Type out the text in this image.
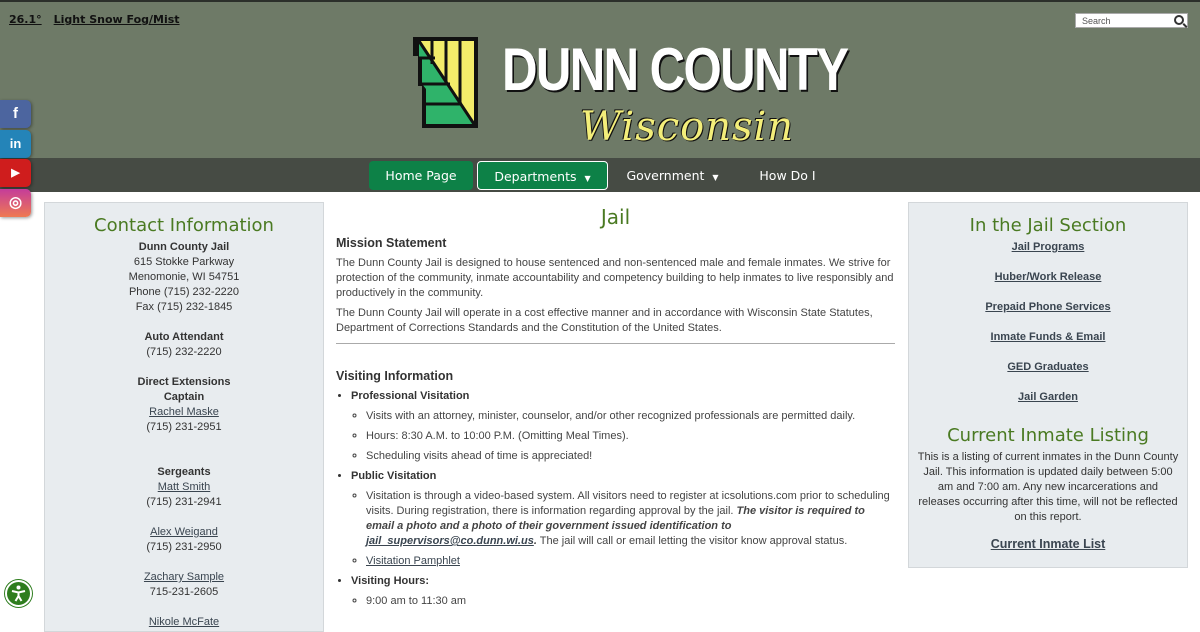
26.1° Light Snow Fog/Mist	Search
DUNN COUNTY
Wisconsin
Home Page	Departments ▼	Government ▼	How Do I
f
in
▶
◎
Contact Information
Dunn County Jail
615 Stokke Parkway
Menomonie, WI 54751
Phone (715) 232-2220
Fax (715) 232-1845
Auto Attendant
(715) 232-2220
Direct Extensions
Captain
Rachel Maske
(715) 231-2951
Sergeants
Matt Smith
(715) 231-2941
Alex Weigand
(715) 231-2950
Zachary Sample
715-231-2605
Nikole McFate
Jail
Mission Statement

The Dunn County Jail is designed to house sentenced and non-sentenced male and female inmates. We strive for protection of the community, inmate accountability and competency building to help inmates to live responsibly and productively in the community.

The Dunn County Jail will operate in a cost effective manner and in accordance with Wisconsin State Statutes, Department of Corrections Standards and the Constitution of the United States.

Visiting Information
• Professional Visitation
◦ Visits with an attorney, minister, counselor, and/or other recognized professionals are permitted daily.
◦ Hours: 8:30 A.M. to 10:00 P.M. (Omitting Meal Times).
◦ Scheduling visits ahead of time is appreciated!
• Public Visitation
◦ Visitation is through a video-based system. All visitors need to register at icsolutions.com prior to scheduling visits. During registration, there is information regarding approval by the jail. The visitor is required to email a photo and a photo of their government issued identification to jail_supervisors@co.dunn.wi.us. The jail will call or email letting the visitor know approval status.
◦ Visitation Pamphlet
• Visiting Hours:
◦ 9:00 am to 11:30 am
In the Jail Section
Jail Programs
Huber/Work Release
Prepaid Phone Services
Inmate Funds & Email
GED Graduates
Jail Garden
Current Inmate Listing
This is a listing of current inmates in the Dunn County Jail. This information is updated daily between 5:00 am and 7:00 am. Any new incarcerations and releases occurring after this time, will not be reflected on this report.
Current Inmate List
